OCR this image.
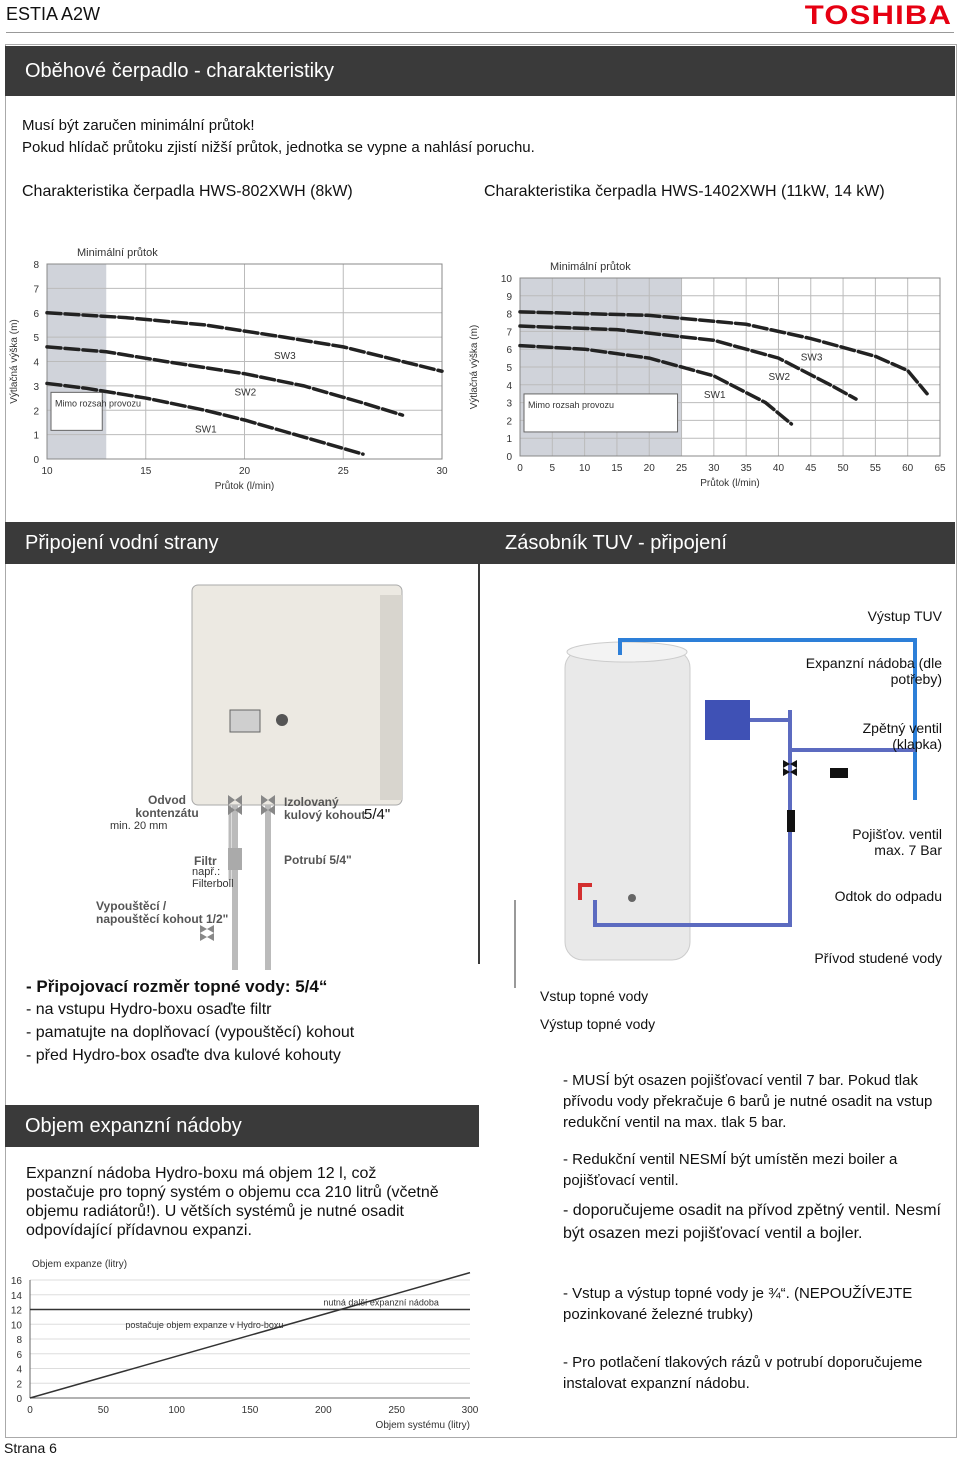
ESTIA A2W	TOSHIBA
Oběhové čerpadlo - charakteristiky
Musí být zaručen minimální průtok!
Pokud hlídač průtoku zjistí nižší průtok, jednotka se vypne a nahlásí poruchu.
Charakteristika čerpadla HWS-802XWH (8kW)	Charakteristika čerpadla HWS-1402XWH (11kW, 14 kW)
0
1
2
3
4
5
6
7
8
10	15	20	25	30
Minimální průtok
Průtok (l/min)
Výtlačná výška (m)	Mimo rozsah provozu
SW1
SW2
SW3
0
1
2
3
4
5
6
7
8
9
10
0	5 10 15 20 25 30 35 40 45 50 55 60 65
Minimální průtok
Průtok (l/min)
Výtlačná výška (m)	Mimo rozsah provozu
SW1
SW2
SW3
Připojení vodní strany	Zásobník TUV - připojení
Odvod kontenzátu
min. 20 mm
Izolovaný kulový kohout
5/4"
Filtr
např.: Filterboll
Potrubí 5/4"
Vypouštěcí / napouštěcí kohout 1/2"
Výstup TUV
Expanzní nádoba (dle potřeby)
Zpětný ventil (klapka)
Pojišťov. ventil max. 7 Bar
Odtok do odpadu
Přívod studené vody
Vstup topné vody
Výstup topné vody
- Připojovací rozměr topné vody: 5/4“
- na vstupu Hydro-boxu osaďte filtr
- pamatujte na doplňovací (vypouštěcí) kohout
- před Hydro-box osaďte dva kulové kohouty
Objem expanzní nádoby
Expanzní nádoba Hydro-boxu má objem 12 l, což postačuje pro topný systém o objemu cca 210 litrů (včetně objemu radiátorů!). U větších systémů je nutné osadit odpovídající přídavnou expanzi.
0
2
4
6
8
10
12
14
16
0	50	100	150	200	250	300
Objem expanze (litry)
Objem systému (litry)
nutná další expanzní nádoba
postačuje objem expanze v Hydro-boxu
- MUSÍ být osazen pojišťovací ventil 7 bar. Pokud tlak přívodu vody překračuje 6 barů je nutné osadit na vstup redukční ventil na max. tlak 5 bar.
- Redukční ventil NESMÍ být umístěn mezi boiler a pojišťovací ventil.
- doporučujeme osadit na přívod zpětný ventil. Nesmí být osazen mezi pojišťovací ventil a bojler.
- Vstup a výstup topné vody je ¾“. (NEPOUŽÍVEJTE pozinkované železné trubky)
- Pro potlačení tlakových rázů v potrubí doporučujeme instalovat expanzní nádobu.
Strana 6
